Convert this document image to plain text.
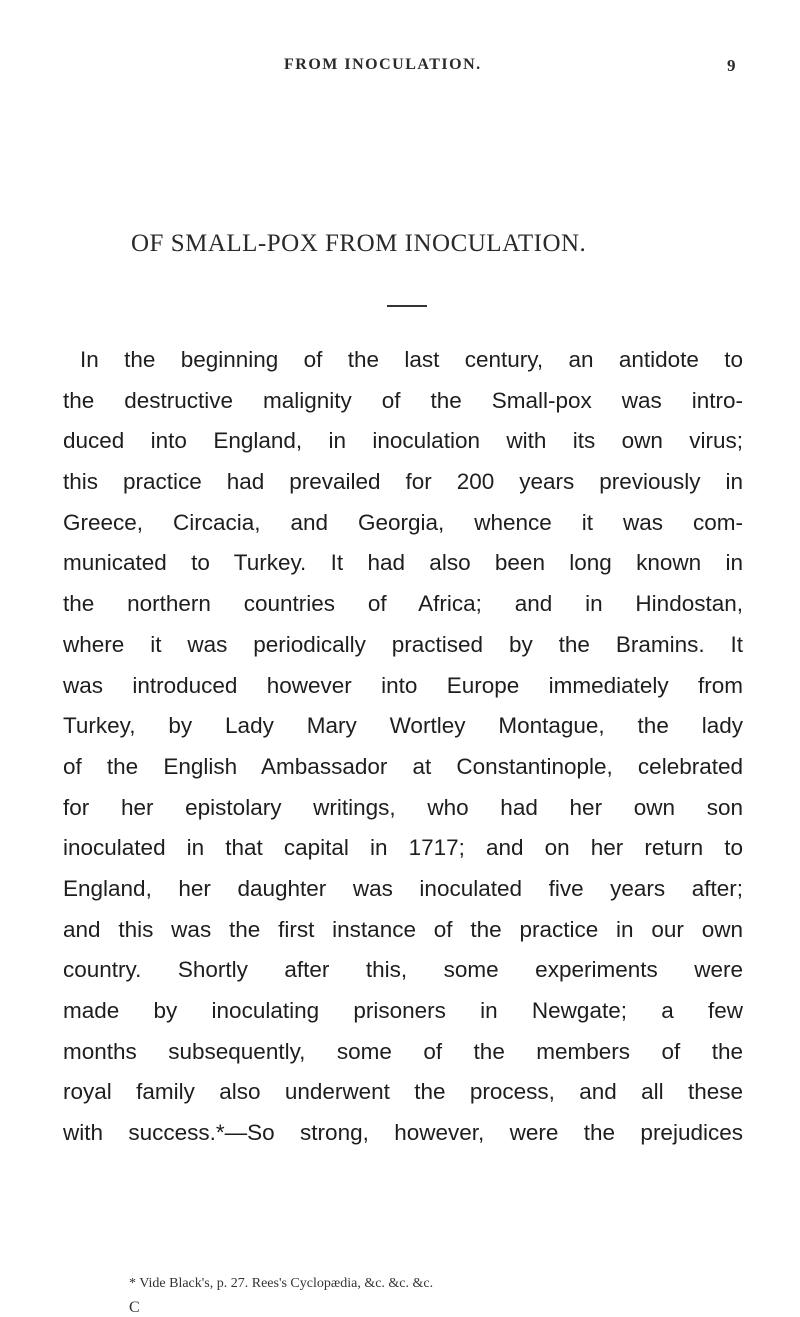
FROM INOCULATION.	9
OF SMALL-POX FROM INOCULATION.
In the beginning of the last century, an antidote to
the destructive malignity of the Small-pox was intro-
duced into England, in inoculation with its own virus;
this practice had prevailed for 200 years previously in
Greece, Circacia, and Georgia, whence it was com-
municated to Turkey. It had also been long known in
the northern countries of Africa; and in Hindostan,
where it was periodically practised by the Bramins. It
was introduced however into Europe immediately from
Turkey, by Lady Mary Wortley Montague, the lady
of the English Ambassador at Constantinople, celebrated
for her epistolary writings, who had her own son
inoculated in that capital in 1717; and on her return to
England, her daughter was inoculated five years after;
and this was the first instance of the practice in our own
country. Shortly after this, some experiments were
made by inoculating prisoners in Newgate; a few
months subsequently, some of the members of the
royal family also underwent the process, and all these
with success.*—So strong, however, were the prejudices
* Vide Black's, p. 27. Rees's Cyclopædia, &c. &c. &c.
C
